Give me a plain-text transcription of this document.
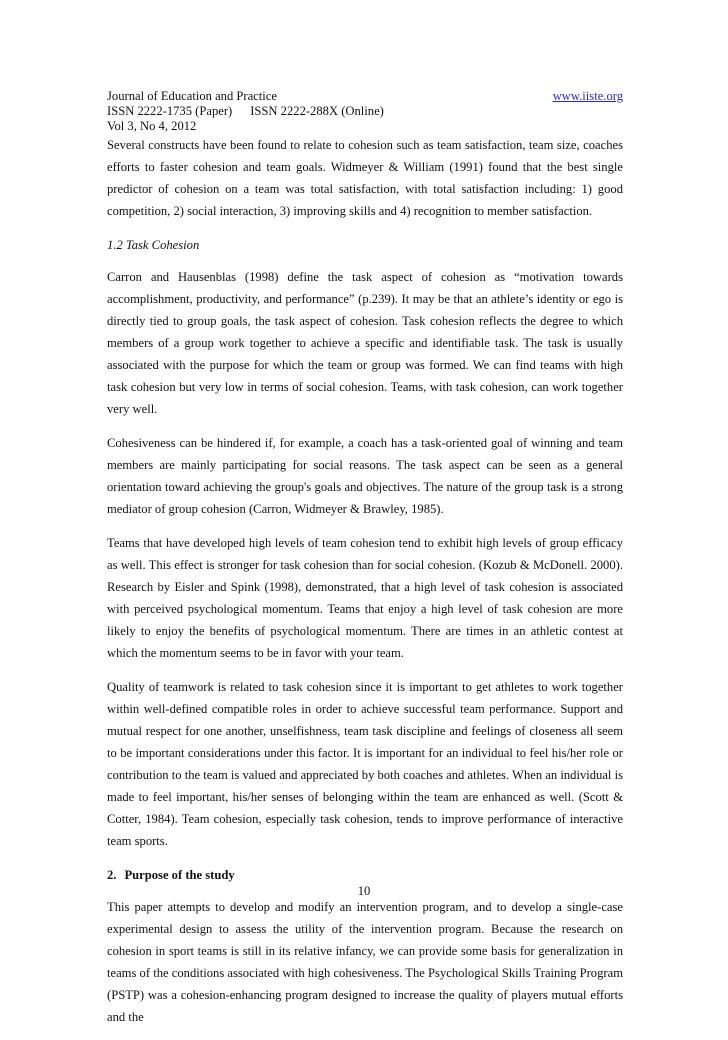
Journal of Education and Practice	www.iiste.org
ISSN 2222-1735 (Paper) ISSN 2222-288X (Online)
Vol 3, No 4, 2012

Several constructs have been found to relate to cohesion such as team satisfaction, team size, coaches efforts to faster cohesion and team goals. Widmeyer & William (1991) found that the best single predictor of cohesion on a team was total satisfaction, with total satisfaction including: 1) good competition, 2) social interaction, 3) improving skills and 4) recognition to member satisfaction.

1.2 Task Cohesion

Carron and Hausenblas (1998) define the task aspect of cohesion as “motivation towards accomplishment, productivity, and performance” (p.239). It may be that an athlete’s identity or ego is directly tied to group goals, the task aspect of cohesion. Task cohesion reflects the degree to which members of a group work together to achieve a specific and identifiable task. The task is usually associated with the purpose for which the team or group was formed. We can find teams with high task cohesion but very low in terms of social cohesion. Teams, with task cohesion, can work together very well.

Cohesiveness can be hindered if, for example, a coach has a task-oriented goal of winning and team members are mainly participating for social reasons. The task aspect can be seen as a general orientation toward achieving the group's goals and objectives. The nature of the group task is a strong mediator of group cohesion (Carron, Widmeyer & Brawley, 1985).

Teams that have developed high levels of team cohesion tend to exhibit high levels of group efficacy as well. This effect is stronger for task cohesion than for social cohesion. (Kozub & McDonell. 2000). Research by Eisler and Spink (1998), demonstrated, that a high level of task cohesion is associated with perceived psychological momentum. Teams that enjoy a high level of task cohesion are more likely to enjoy the benefits of psychological momentum. There are times in an athletic contest at which the momentum seems to be in favor with your team.

Quality of teamwork is related to task cohesion since it is important to get athletes to work together within well-defined compatible roles in order to achieve successful team performance. Support and mutual respect for one another, unselfishness, team task discipline and feelings of closeness all seem to be important considerations under this factor. It is important for an individual to feel his/her role or contribution to the team is valued and appreciated by both coaches and athletes. When an individual is made to feel important, his/her senses of belonging within the team are enhanced as well. (Scott & Cotter, 1984). Team cohesion, especially task cohesion, tends to improve performance of interactive team sports.

2. Purpose of the study

This paper attempts to develop and modify an intervention program, and to develop a single-case experimental design to assess the utility of the intervention program. Because the research on cohesion in sport teams is still in its relative infancy, we can provide some basis for generalization in teams of the conditions associated with high cohesiveness. The Psychological Skills Training Program (PSTP) was a cohesion-enhancing program designed to increase the quality of players mutual efforts and the

10
